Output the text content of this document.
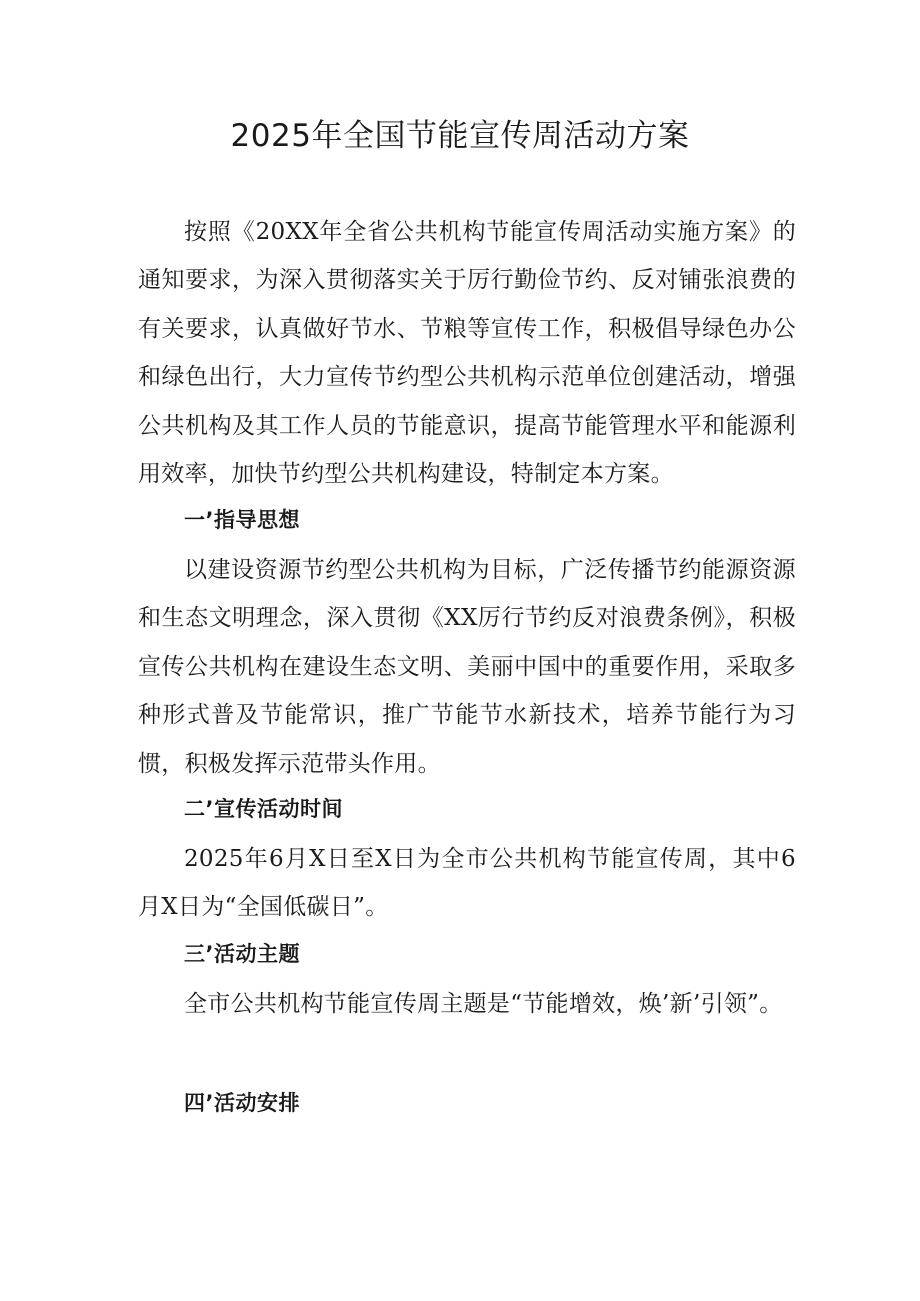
2025年全国节能宣传周活动方案

按照《20XX年全省公共机构节能宣传周活动实施方案》的通知要求，为深入贯彻落实关于厉行勤俭节约、反对铺张浪费的有关要求，认真做好节水、节粮等宣传工作，积极倡导绿色办公和绿色出行，大力宣传节约型公共机构示范单位创建活动，增强公共机构及其工作人员的节能意识，提高节能管理水平和能源利用效率，加快节约型公共机构建设，特制定本方案。

一’指导思想

以建设资源节约型公共机构为目标，广泛传播节约能源资源和生态文明理念，深入贯彻《XX厉行节约反对浪费条例》，积极宣传公共机构在建设生态文明、美丽中国中的重要作用，采取多种形式普及节能常识，推广节能节水新技术，培养节能行为习惯，积极发挥示范带头作用。

二’宣传活动时间

2025年6月X日至X日为全市公共机构节能宣传周，其中6月X日为“全国低碳日”。

三’活动主题

全市公共机构节能宣传周主题是“节能增效，焕’新’引领”。

四’活动安排
